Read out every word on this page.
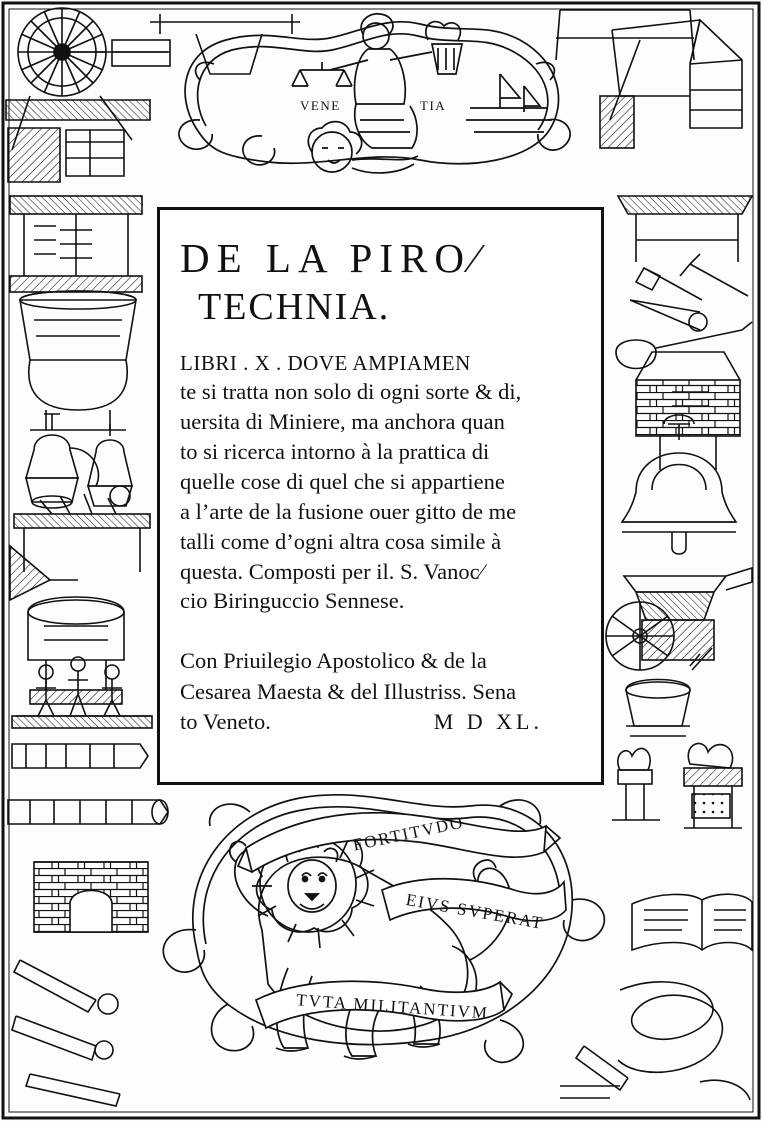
VENE	TIA
FORTITVDO
EIVS SVPERAT
TVTA MILITANTIVM
DE LA PIRO⁄
TECHNIA.
LIBRI . X . DOVE AMPIAMEN
te si tratta non solo di ogni sorte & di,
uersita di Miniere, ma anchora quan
to si ricerca intorno à la prattica di
quelle cose di quel che si appartiene
a l’arte de la fusione ouer gitto de me
talli come d’ogni altra cosa simile à
questa. Composti per il. S. Vanoc⁄
cio Biringuccio Sennese.
Con Priuilegio Apostolico & de la
Cesarea Maesta & del Illustriss. Sena
to Veneto.	M D XL.
